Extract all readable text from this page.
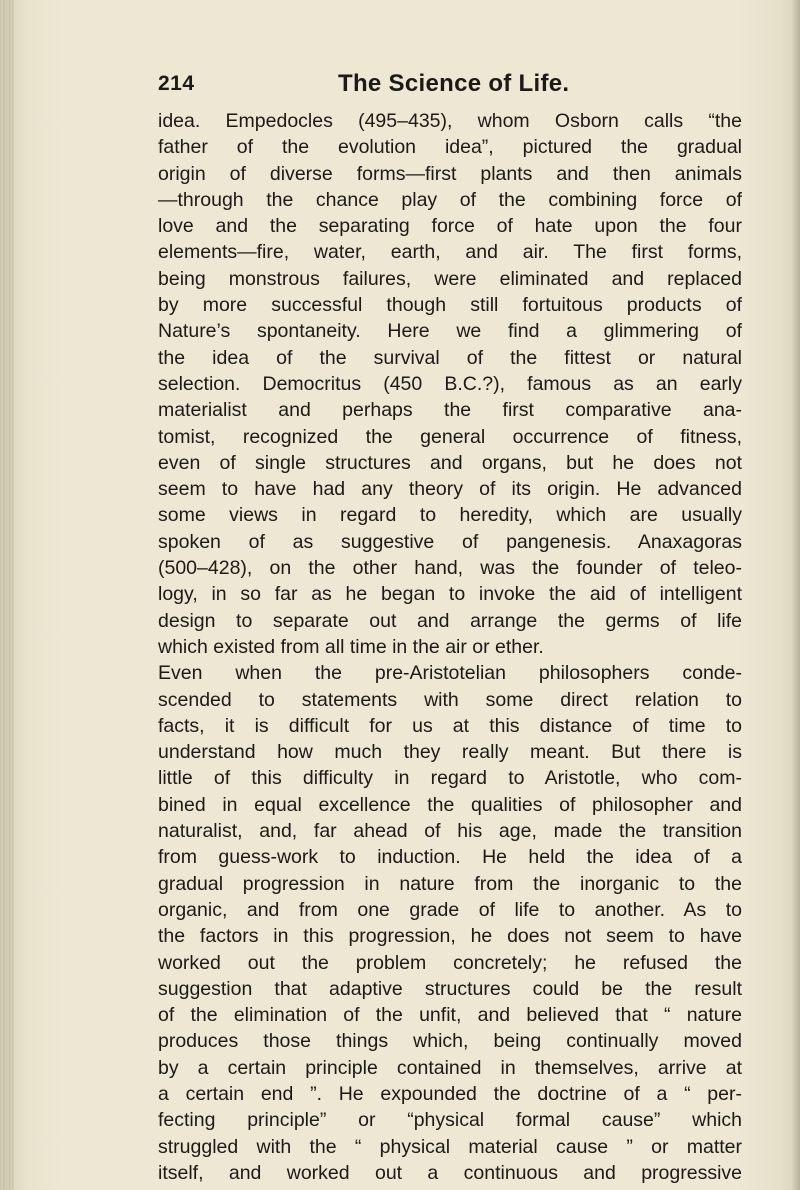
214	The Science of Life.
idea. Empedocles (495–435), whom Osborn calls “the
father of the evolution idea”, pictured the gradual
origin of diverse forms—first plants and then animals
—through the chance play of the combining force of
love and the separating force of hate upon the four
elements—fire, water, earth, and air. The first forms,
being monstrous failures, were eliminated and replaced
by more successful though still fortuitous products of
Nature’s spontaneity. Here we find a glimmering of
the idea of the survival of the fittest or natural
selection. Democritus (450 B.C.?), famous as an early
materialist and perhaps the first comparative ana-
tomist, recognized the general occurrence of fitness,
even of single structures and organs, but he does not
seem to have had any theory of its origin. He advanced
some views in regard to heredity, which are usually
spoken of as suggestive of pangenesis. Anaxagoras
(500–428), on the other hand, was the founder of teleo-
logy, in so far as he began to invoke the aid of intelligent
design to separate out and arrange the germs of life
which existed from all time in the air or ether.
Even when the pre-Aristotelian philosophers conde-
scended to statements with some direct relation to
facts, it is difficult for us at this distance of time to
understand how much they really meant. But there is
little of this difficulty in regard to Aristotle, who com-
bined in equal excellence the qualities of philosopher and
naturalist, and, far ahead of his age, made the transition
from guess-work to induction. He held the idea of a
gradual progression in nature from the inorganic to the
organic, and from one grade of life to another. As to
the factors in this progression, he does not seem to have
worked out the problem concretely; he refused the
suggestion that adaptive structures could be the result
of the elimination of the unfit, and believed that “ nature
produces those things which, being continually moved
by a certain principle contained in themselves, arrive at
a certain end ”. He expounded the doctrine of a “ per-
fecting principle” or “physical formal cause” which
struggled with the “ physical material cause ” or matter
itself, and worked out a continuous and progressive
